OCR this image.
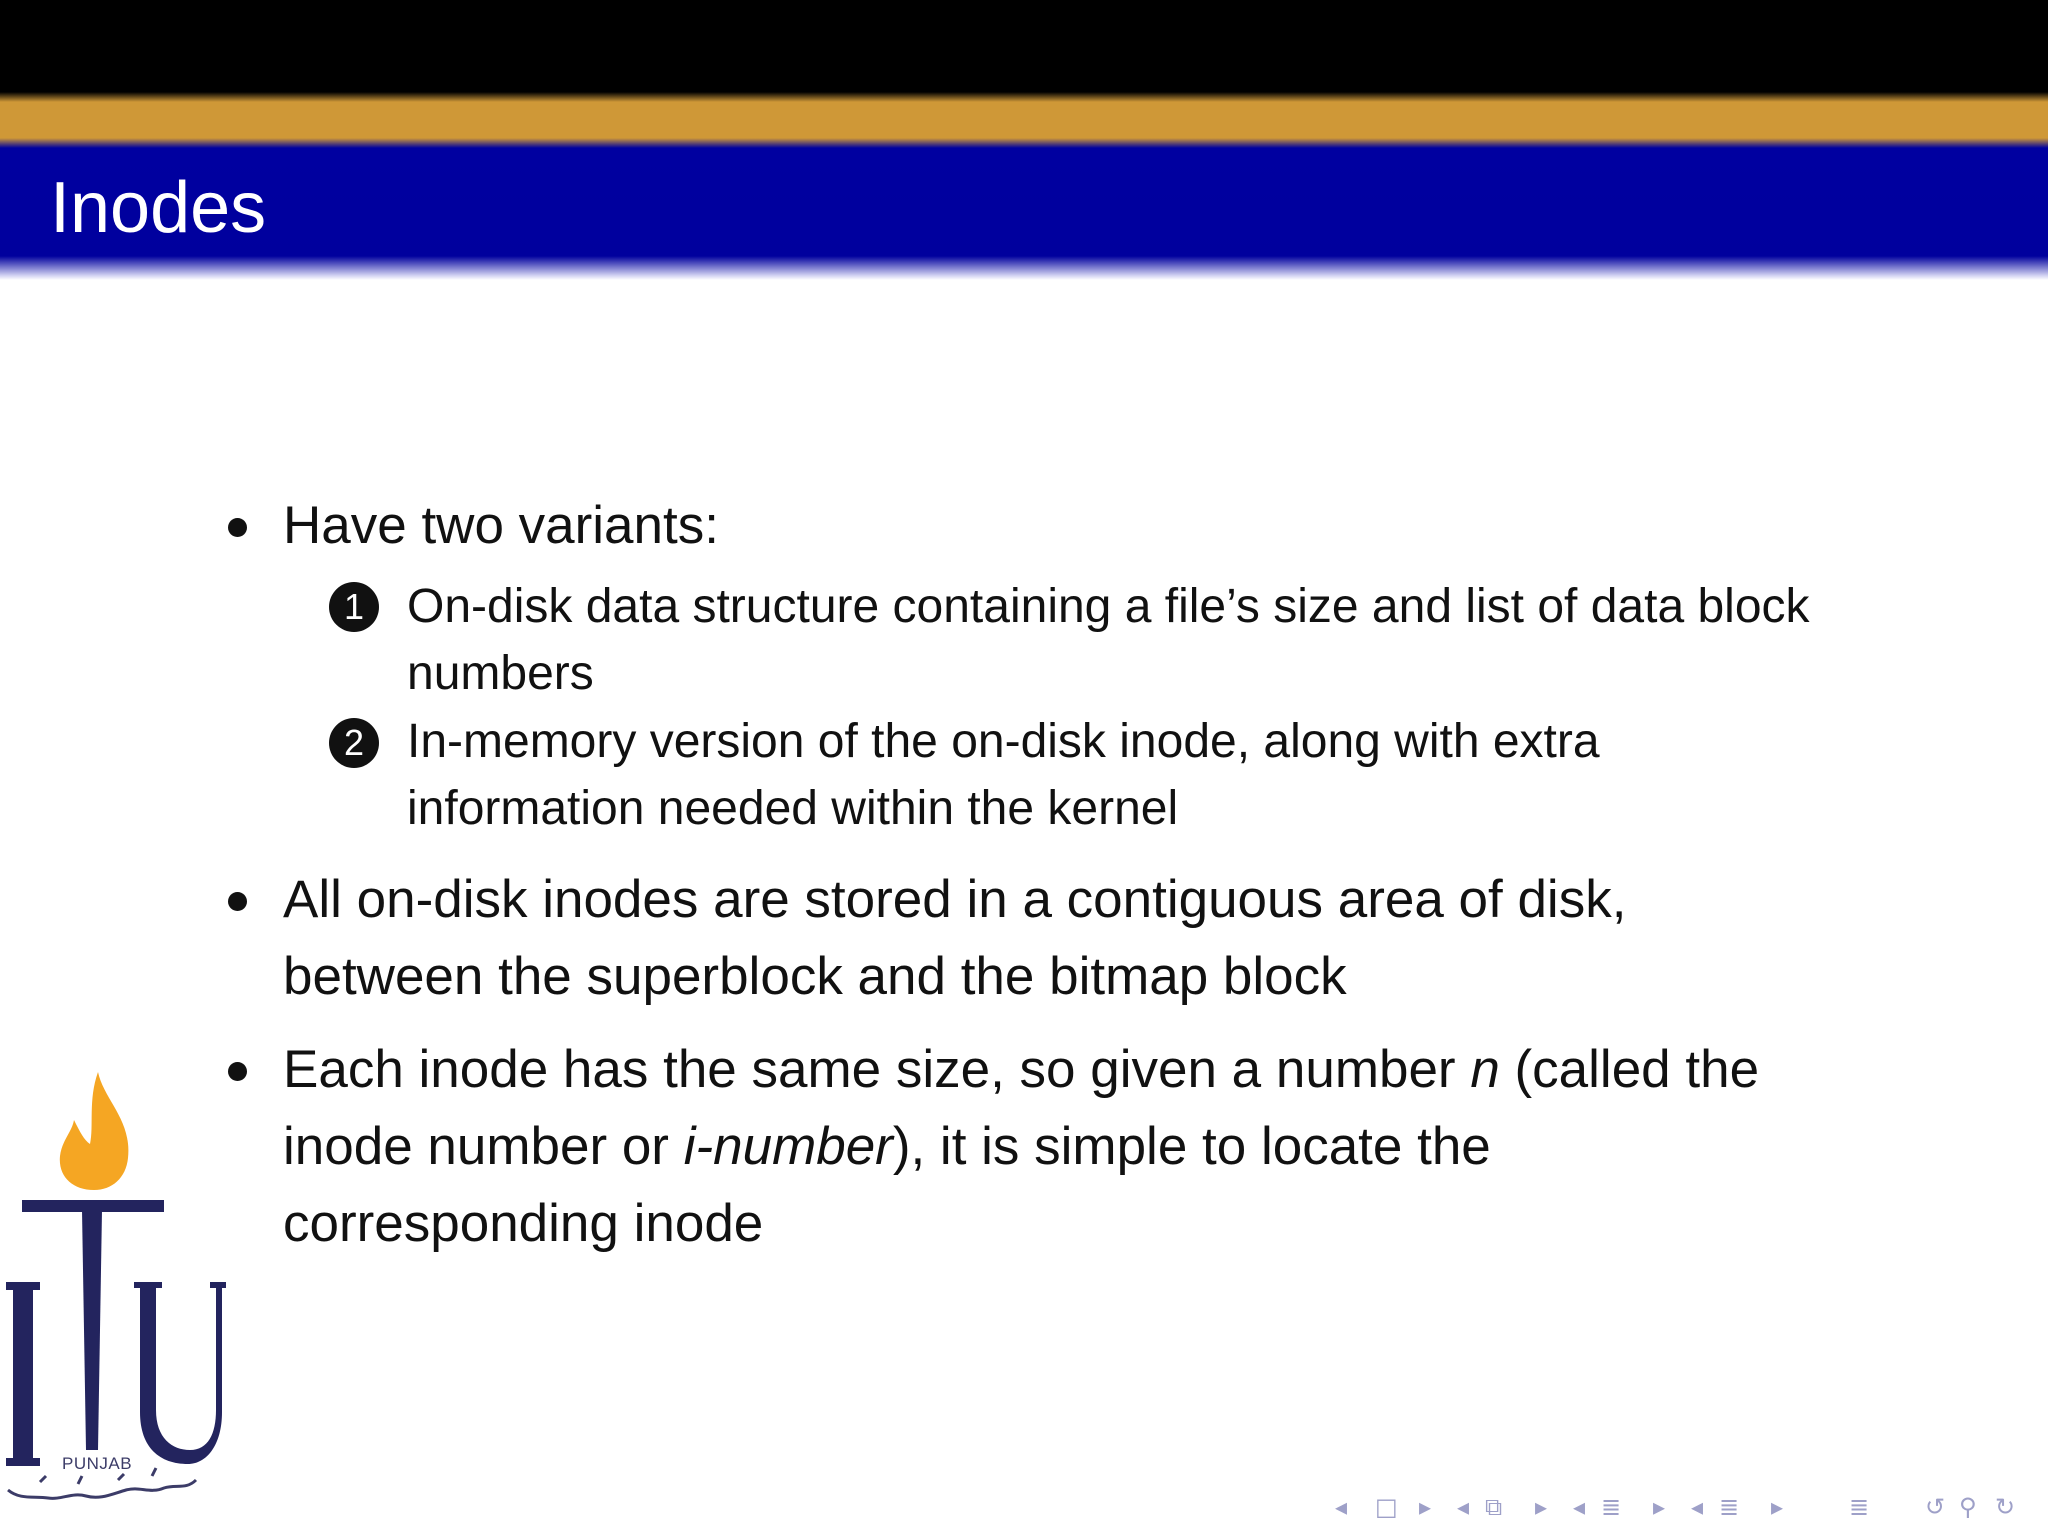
Inodes

Have two variants:

1 On-disk data structure containing a file’s size and list of data block

numbers

2 In-memory version of the on-disk inode, along with extra

information needed within the kernel

All on-disk inodes are stored in a contiguous area of disk,

between the superblock and the bitmap block

Each inode has the same size, so given a number n (called the

inode number or i-number), it is simple to locate the

corresponding inode

PUNJAB
◂ □ ▸ ◂ ⧉ ▸ ◂ ≣ ▸ ◂ ≣ ▸	≣ ↺ ⚲ ↻
